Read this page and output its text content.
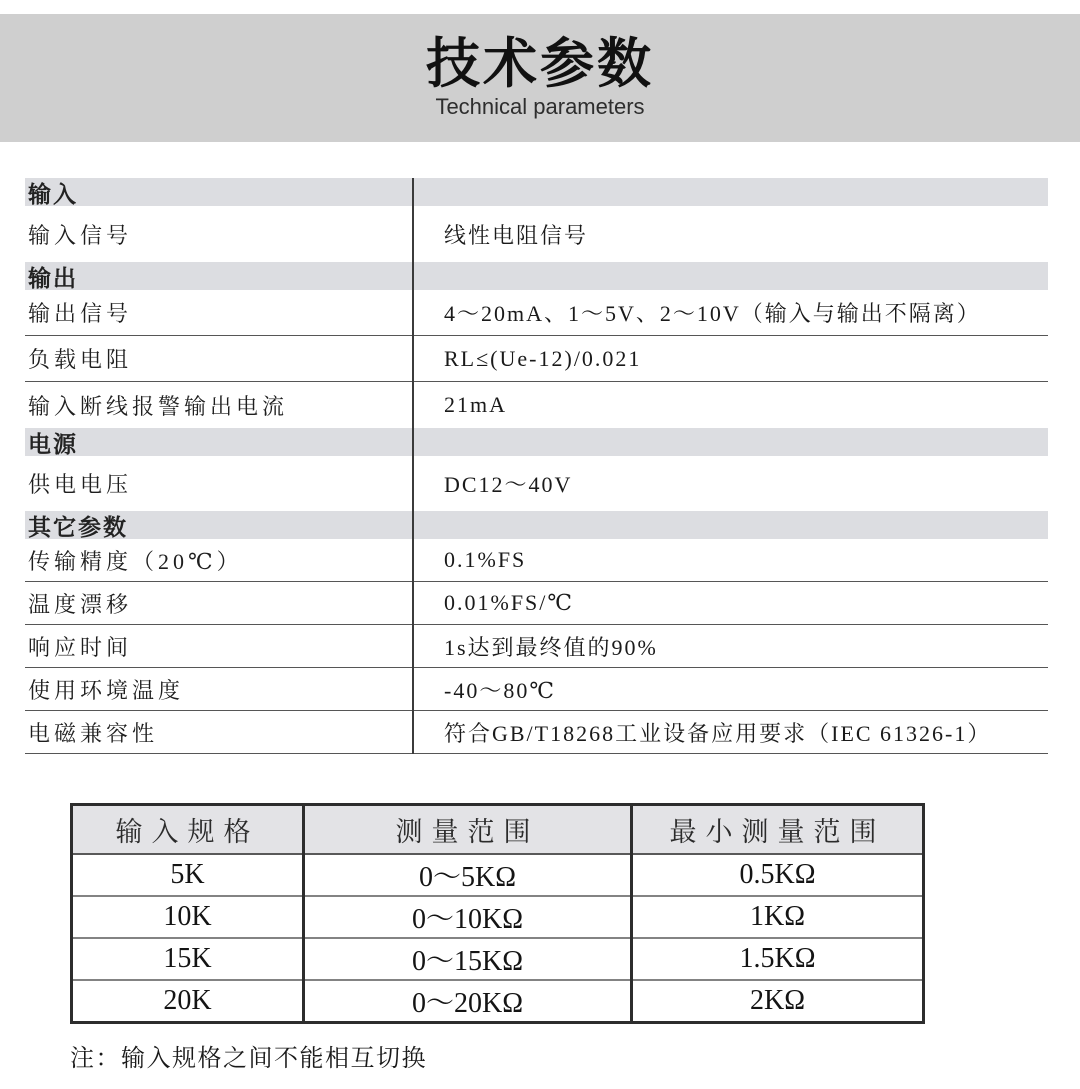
技术参数
Technical parameters
输入
输入信号	线性电阻信号
输出
输出信号	4～20mA、1～5V、2～10V（输入与输出不隔离）
负载电阻	RL≤(Ue-12)/0.021
输入断线报警输出电流	21mA
电源
供电电压	DC12～40V
其它参数
传输精度（20℃）	0.1%FS
温度漂移	0.01%FS/℃
响应时间	1s达到最终值的90%
使用环境温度	-40～80℃
电磁兼容性	符合GB/T18268工业设备应用要求（IEC 61326-1）
输入规格	测量范围	最小测量范围
5K	0～5KΩ	0.5KΩ
10K	0～10KΩ	1KΩ
15K	0～15KΩ	1.5KΩ
20K	0～20KΩ	2KΩ
注：输入规格之间不能相互切换
